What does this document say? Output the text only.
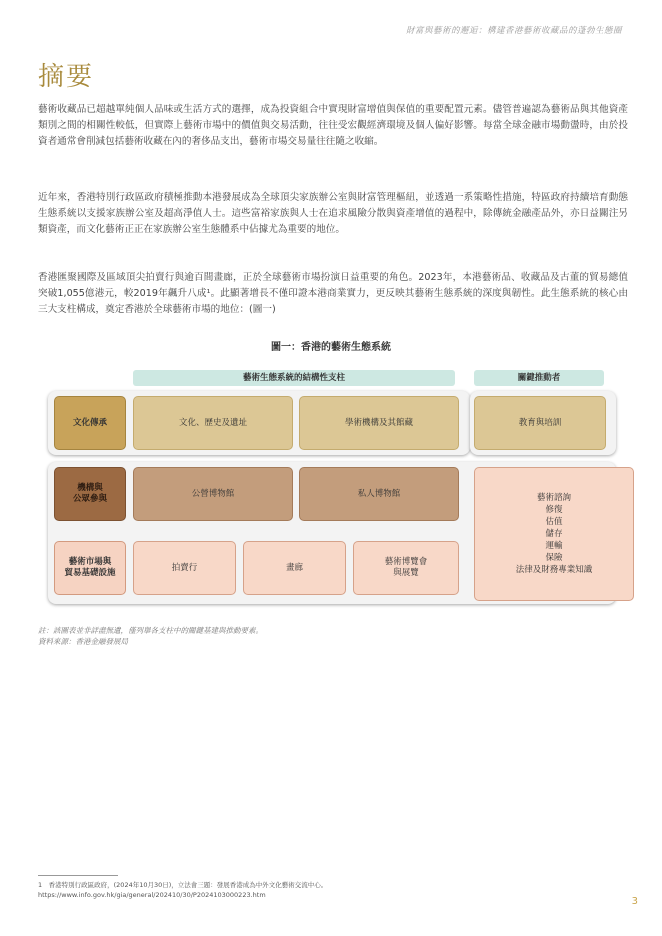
財富與藝術的邂逅：構建香港藝術收藏品的蓬勃生態圈
摘要
藝術收藏品已超越單純個人品味或生活方式的選擇，成為投資組合中實現財富增值與保值的重要配置元素。儘管普遍認為藝術品與其他資產類別之間的相關性較低，但實際上藝術市場中的價值與交易活動，往往受宏觀經濟環境及個人偏好影響。每當全球金融市場動盪時，由於投資者通常會削減包括藝術收藏在內的奢侈品支出，藝術市場交易量往往隨之收縮。
近年來，香港特別行政區政府積極推動本港發展成為全球頂尖家族辦公室與財富管理樞紐，並透過一系策略性措施，特區政府持續培育動態生態系統以支援家族辦公室及超高淨值人士。這些富裕家族與人士在追求風險分散與資產增值的過程中，除傳統金融產品外，亦日益關注另類資產，而文化藝術正正在家族辦公室生態體系中佔據尤為重要的地位。
香港匯聚國際及區域頂尖拍賣行與逾百間畫廊，正於全球藝術市場扮演日益重要的角色。2023年，本港藝術品、收藏品及古董的貿易總值突破1,055億港元，較2019年飆升八成¹。此顯著增長不僅印證本港商業實力，更反映其藝術生態系統的深度與韌性。此生態系統的核心由三大支柱構成，奠定香港於全球藝術市場的地位：(圖一)
圖一：香港的藝術生態系統
藝術生態系統的結構性支柱	關鍵推動者
文化傳承	文化、歷史及遺址	學術機構及其館藏	教育與培訓
機構與
公眾參與
公營博物館	私人博物館
藝術市場與
貿易基礎設施
拍賣行	畫廊
藝術博覽會
與展覽
藝術諮詢
修復
估值
儲存
運輸
保險
法律及財務專業知識
註：該圖表並非詳盡無遺，僅列舉各支柱中的關鍵基建與推動要素。
資料來源：香港金融發展局
1　香港特別行政區政府，(2024年10月30日)，立法會三題：發展香港成為中外文化藝術交流中心。
https://www.info.gov.hk/gia/general/202410/30/P2024103000223.htm
3
